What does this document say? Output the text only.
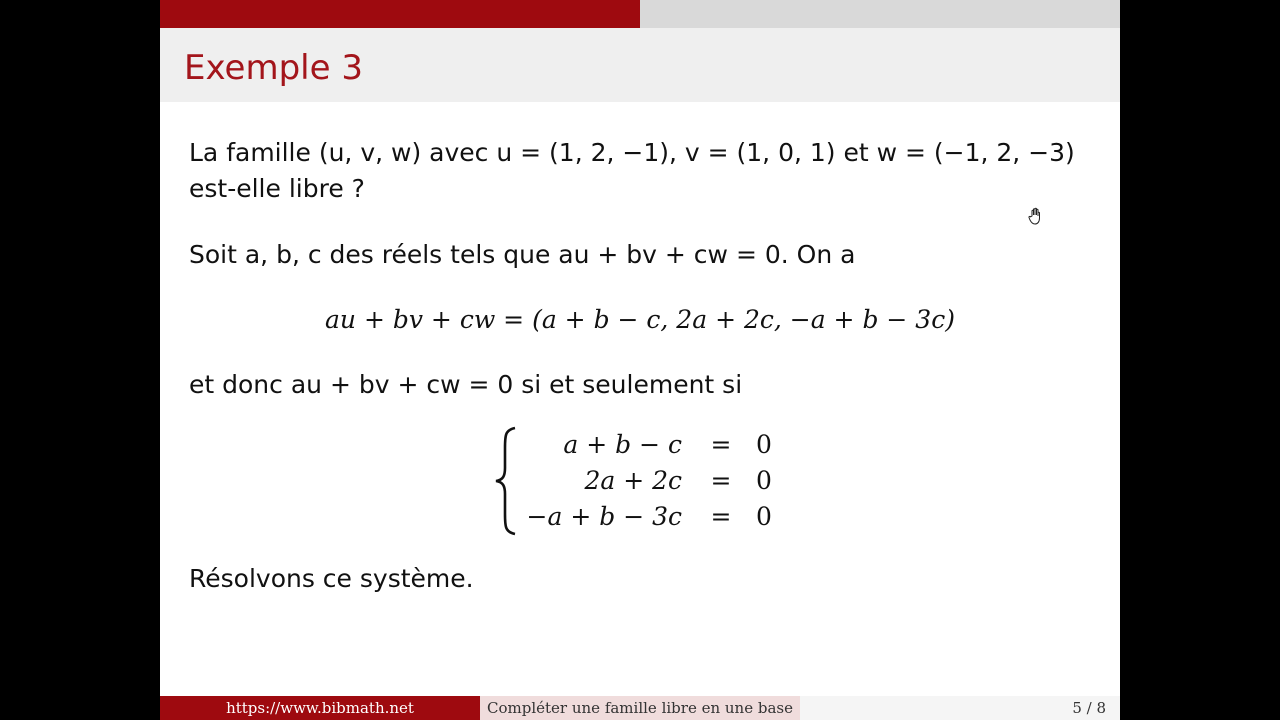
Exemple 3
La famille (u, v, w) avec u = (1, 2, −1), v = (1, 0, 1) et w = (−1, 2, −3)
est-elle libre ?
Soit a, b, c des réels tels que au + bv + cw = 0. On a
au + bv + cw = (a + b − c, 2a + 2c, −a + b − 3c)
et donc au + bv + cw = 0 si et seulement si
a + b − c = 0
2a + 2c = 0
−a + b − 3c = 0
Résolvons ce système.
https://www.bibmath.net	Compléter une famille libre en une base	5 / 8
